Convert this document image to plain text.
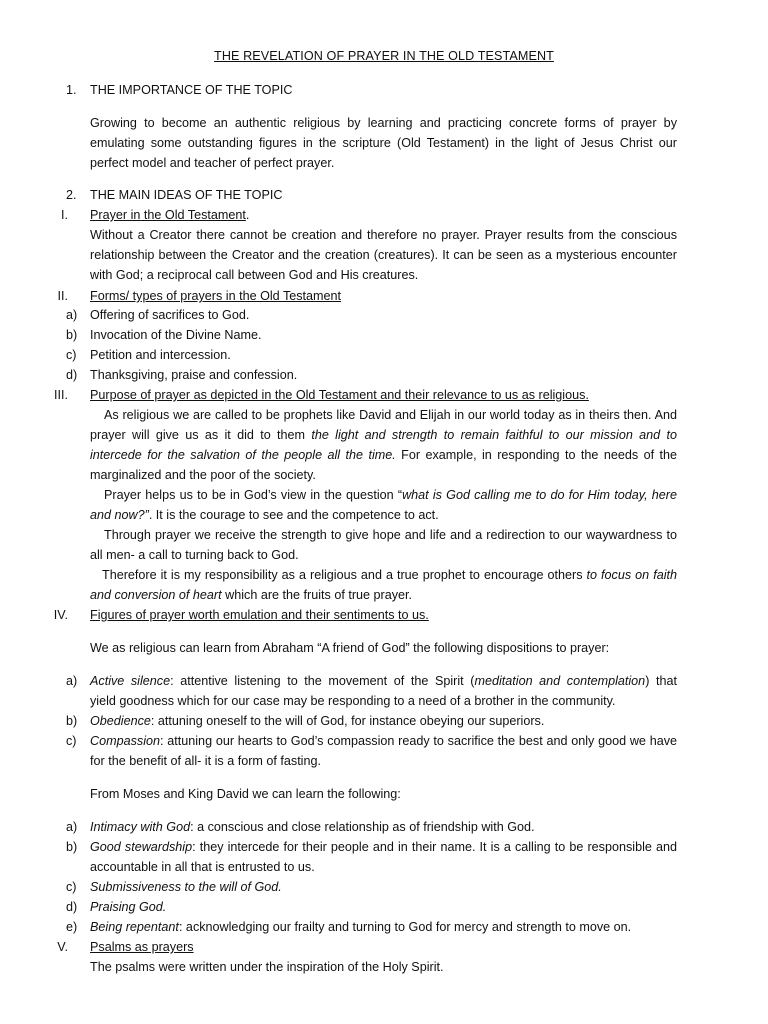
THE REVELATION OF PRAYER IN THE OLD TESTAMENT
1. THE IMPORTANCE OF THE TOPIC
Growing to become an authentic religious by learning and practicing concrete forms of prayer by
emulating some outstanding figures in the scripture (Old Testament) in the light of Jesus Christ our
perfect model and teacher of perfect prayer.
2. THE MAIN IDEAS OF THE TOPIC
I. Prayer in the Old Testament.
Without a Creator there cannot be creation and therefore no prayer. Prayer results from the conscious
relationship between the Creator and the creation (creatures). It can be seen as a mysterious encounter
with God; a reciprocal call between God and His creatures.
II. Forms/ types of prayers in the Old Testament
a)	Offering of sacrifices to God.
b)	Invocation of the Divine Name.
c)	Petition and intercession.
d)	Thanksgiving, praise and confession.
III. Purpose of prayer as depicted in the Old Testament and their relevance to us as religious.
As religious we are called to be prophets like David and Elijah in our world today as in theirs then. And
prayer will give us as it did to them the light and strength to remain faithful to our mission and to
intercede for the salvation of the people all the time. For example, in responding to the needs of the
marginalized and the poor of the society.
Prayer helps us to be in God’s view in the question “what is God calling me to do for Him today, here
and now?”. It is the courage to see and the competence to act.
Through prayer we receive the strength to give hope and life and a redirection to our waywardness to
all men- a call to turning back to God.
Therefore it is my responsibility as a religious and a true prophet to encourage others to focus on faith
and conversion of heart which are the fruits of true prayer.
IV. Figures of prayer worth emulation and their sentiments to us.
We as religious can learn from Abraham “A friend of God” the following dispositions to prayer:
a)	Active silence: attentive listening to the movement of the Spirit (meditation and contemplation) that
yield goodness which for our case may be responding to a need of a brother in the community.
b)	Obedience: attuning oneself to the will of God, for instance obeying our superiors.
c)	Compassion: attuning our hearts to God’s compassion ready to sacrifice the best and only good we have
for the benefit of all- it is a form of fasting.
From Moses and King David we can learn the following:
a)	Intimacy with God: a conscious and close relationship as of friendship with God.
b)	Good stewardship: they intercede for their people and in their name. It is a calling to be responsible and
accountable in all that is entrusted to us.
c)	Submissiveness to the will of God.
d)	Praising God.
e)	Being repentant: acknowledging our frailty and turning to God for mercy and strength to move on.
V. Psalms as prayers
The psalms were written under the inspiration of the Holy Spirit.
